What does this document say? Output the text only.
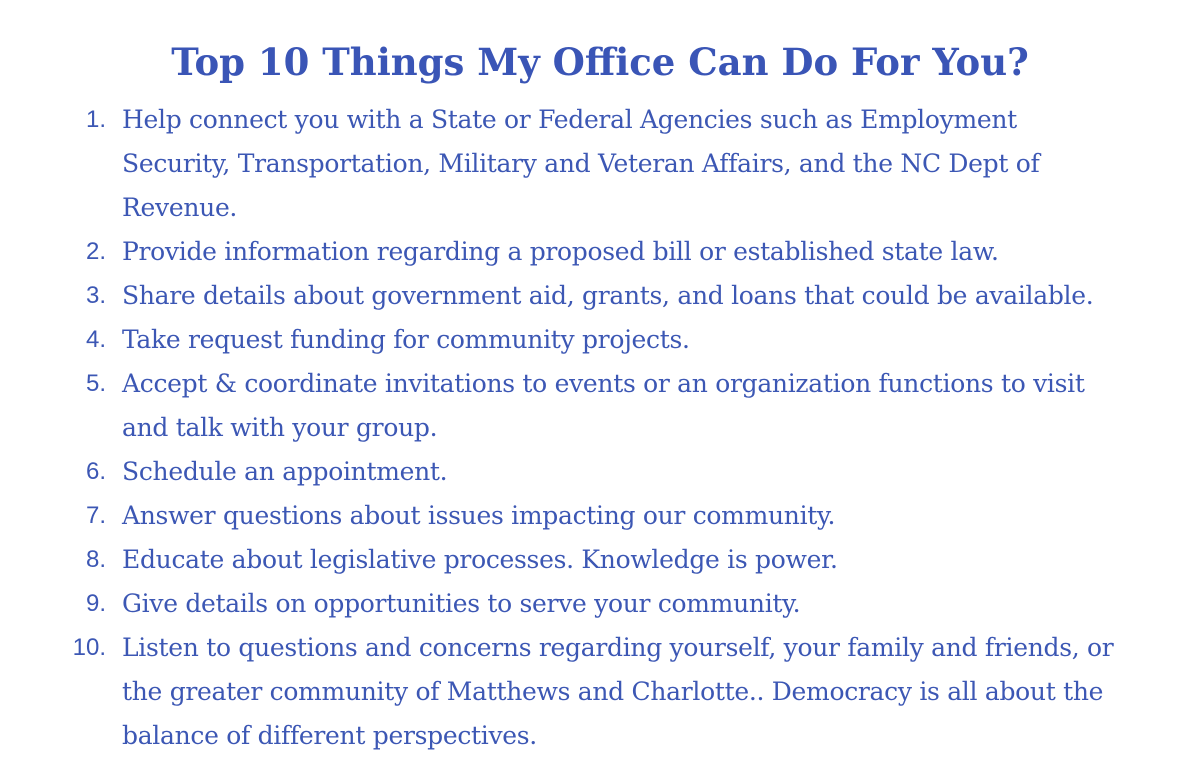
Top 10 Things My Office Can Do For You?
1. Help connect you with a State or Federal Agencies such as Employment Security, Transportation, Military and Veteran Affairs, and the NC Dept of Revenue.
2. Provide information regarding a proposed bill or established state law.
3. Share details about government aid, grants, and loans that could be available.
4. Take request funding for community projects.
5. Accept & coordinate invitations to events or an organization functions to visit and talk with your group.
6. Schedule an appointment.
7. Answer questions about issues impacting our community.
8. Educate about legislative processes. Knowledge is power.
9. Give details on opportunities to serve your community.
10. Listen to questions and concerns regarding yourself, your family and friends, or the greater community of Matthews and Charlotte.. Democracy is all about the balance of different perspectives.
